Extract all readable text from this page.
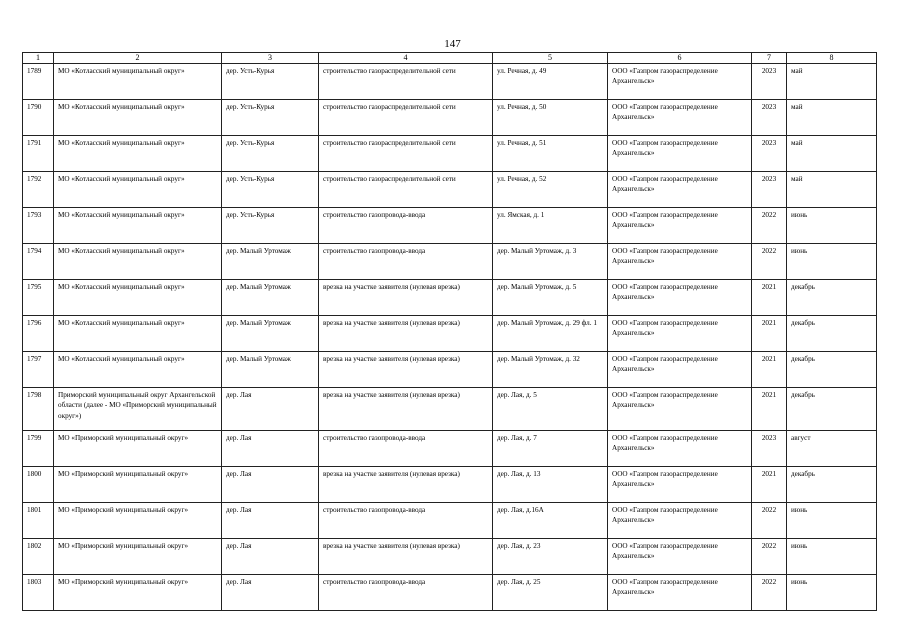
147
1	2	3	4	5	6	7	8
1789	МО «Котласский муниципальный округ»	дер. Усть-Курья	строительство газораспределительной сети	ул. Речная, д. 49	ООО «Газпром газораспределение Архангельск»	2023	май
1790	МО «Котласский муниципальный округ»	дер. Усть-Курья	строительство газораспределительной сети	ул. Речная, д. 50	ООО «Газпром газораспределение Архангельск»	2023	май
1791	МО «Котласский муниципальный округ»	дер. Усть-Курья	строительство газораспределительной сети	ул. Речная, д. 51	ООО «Газпром газораспределение Архангельск»	2023	май
1792	МО «Котласский муниципальный округ»	дер. Усть-Курья	строительство газораспределительной сети	ул. Речная, д. 52	ООО «Газпром газораспределение Архангельск»	2023	май
1793	МО «Котласский муниципальный округ»	дер. Усть-Курья	строительство газопровода-ввода	ул. Ямская, д. 1	ООО «Газпром газораспределение Архангельск»	2022	июнь
1794	МО «Котласский муниципальный округ»	дер. Малый Уртомаж	строительство газопровода-ввода	дер. Малый Уртомаж, д. 3	ООО «Газпром газораспределение Архангельск»	2022	июнь
1795	МО «Котласский муниципальный округ»	дер. Малый Уртомаж	врезка на участке заявителя (нулевая врезка)	дер. Малый Уртомаж, д. 5	ООО «Газпром газораспределение Архангельск»	2021	декабрь
1796	МО «Котласский муниципальный округ»	дер. Малый Уртомаж	врезка на участке заявителя (нулевая врезка)	дер. Малый Уртомаж, д. 29 фл. 1	ООО «Газпром газораспределение Архангельск»	2021	декабрь
1797	МО «Котласский муниципальный округ»	дер. Малый Уртомаж	врезка на участке заявителя (нулевая врезка)	дер. Малый Уртомаж, д. 32	ООО «Газпром газораспределение Архангельск»	2021	декабрь
1798	Приморский муниципальный округ Архангельской области (далее - МО «Приморский муниципальный округ»)	дер. Лая	врезка на участке заявителя (нулевая врезка)	дер. Лая, д. 5	ООО «Газпром газораспределение Архангельск»	2021	декабрь
1799	МО «Приморский муниципальный округ»	дер. Лая	строительство газопровода-ввода	дер. Лая, д. 7	ООО «Газпром газораспределение Архангельск»	2023	август
1800	МО «Приморский муниципальный округ»	дер. Лая	врезка на участке заявителя (нулевая врезка)	дер. Лая, д. 13	ООО «Газпром газораспределение Архангельск»	2021	декабрь
1801	МО «Приморский муниципальный округ»	дер. Лая	строительство газопровода-ввода	дер. Лая, д.16А	ООО «Газпром газораспределение Архангельск»	2022	июнь
1802	МО «Приморский муниципальный округ»	дер. Лая	врезка на участке заявителя (нулевая врезка)	дер. Лая, д. 23	ООО «Газпром газораспределение Архангельск»	2022	июнь
1803	МО «Приморский муниципальный округ»	дер. Лая	строительство газопровода-ввода	дер. Лая, д. 25	ООО «Газпром газораспределение Архангельск»	2022	июнь
